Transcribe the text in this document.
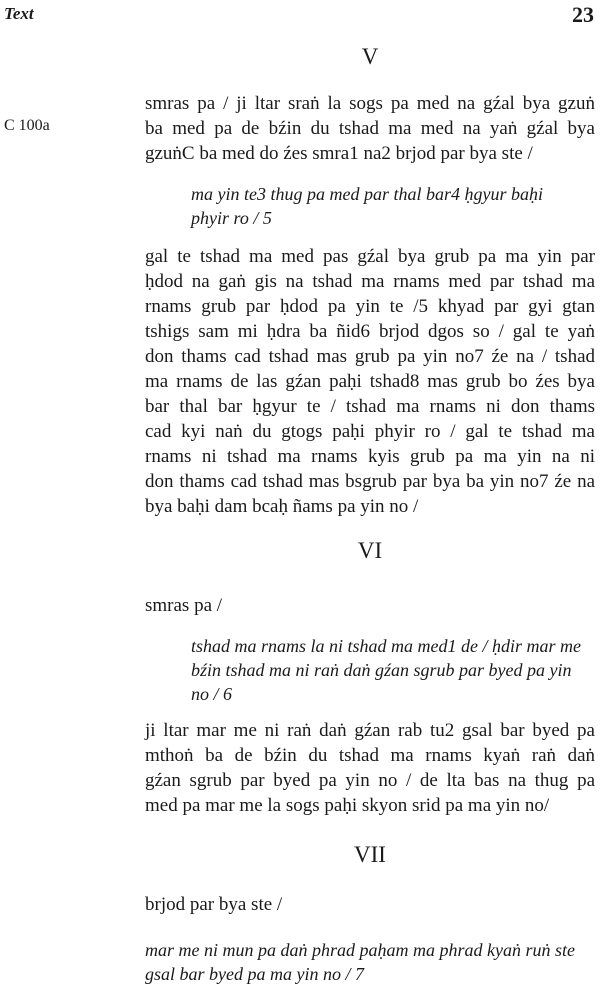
Text	23
C 100a
V
smras pa / ji ltar sraṅ la sogs pa med na gźal bya gzuṅ
ba med pa de bźin du tshad ma med na yaṅ gźal bya
gzuṅC ba med do źes smra1 na2 brjod par bya ste /
ma yin te3 thug pa med par thal bar4 ḥgyur baḥi
phyir ro / 5
gal te tshad ma med pas gźal bya grub pa ma yin par
ḥdod na gaṅ gis na tshad ma rnams med par tshad ma
rnams grub par ḥdod pa yin te /5 khyad par gyi gtan
tshigs sam mi ḥdra ba ñid6 brjod dgos so / gal te yaṅ
don thams cad tshad mas grub pa yin no7 źe na / tshad
ma rnams de las gźan paḥi tshad8 mas grub bo źes bya
bar thal bar ḥgyur te / tshad ma rnams ni don thams
cad kyi naṅ du gtogs paḥi phyir ro / gal te tshad ma
rnams ni tshad ma rnams kyis grub pa ma yin na ni
don thams cad tshad mas bsgrub par bya ba yin no7 źe na
bya baḥi dam bcaḥ ñams pa yin no /
VI
smras pa /
tshad ma rnams la ni tshad ma med1 de / ḥdir mar me
bźin tshad ma ni raṅ daṅ gźan sgrub par byed pa yin
no / 6
ji ltar mar me ni raṅ daṅ gźan rab tu2 gsal bar byed pa
mthoṅ ba de bźin du tshad ma rnams kyaṅ raṅ daṅ
gźan sgrub par byed pa yin no / de lta bas na thug pa
med pa mar me la sogs paḥi skyon srid pa ma yin no/
VII
brjod par bya ste /
mar me ni mun pa daṅ phrad paḥam ma phrad kyaṅ ruṅ ste
gsal bar byed pa ma yin no / 7
